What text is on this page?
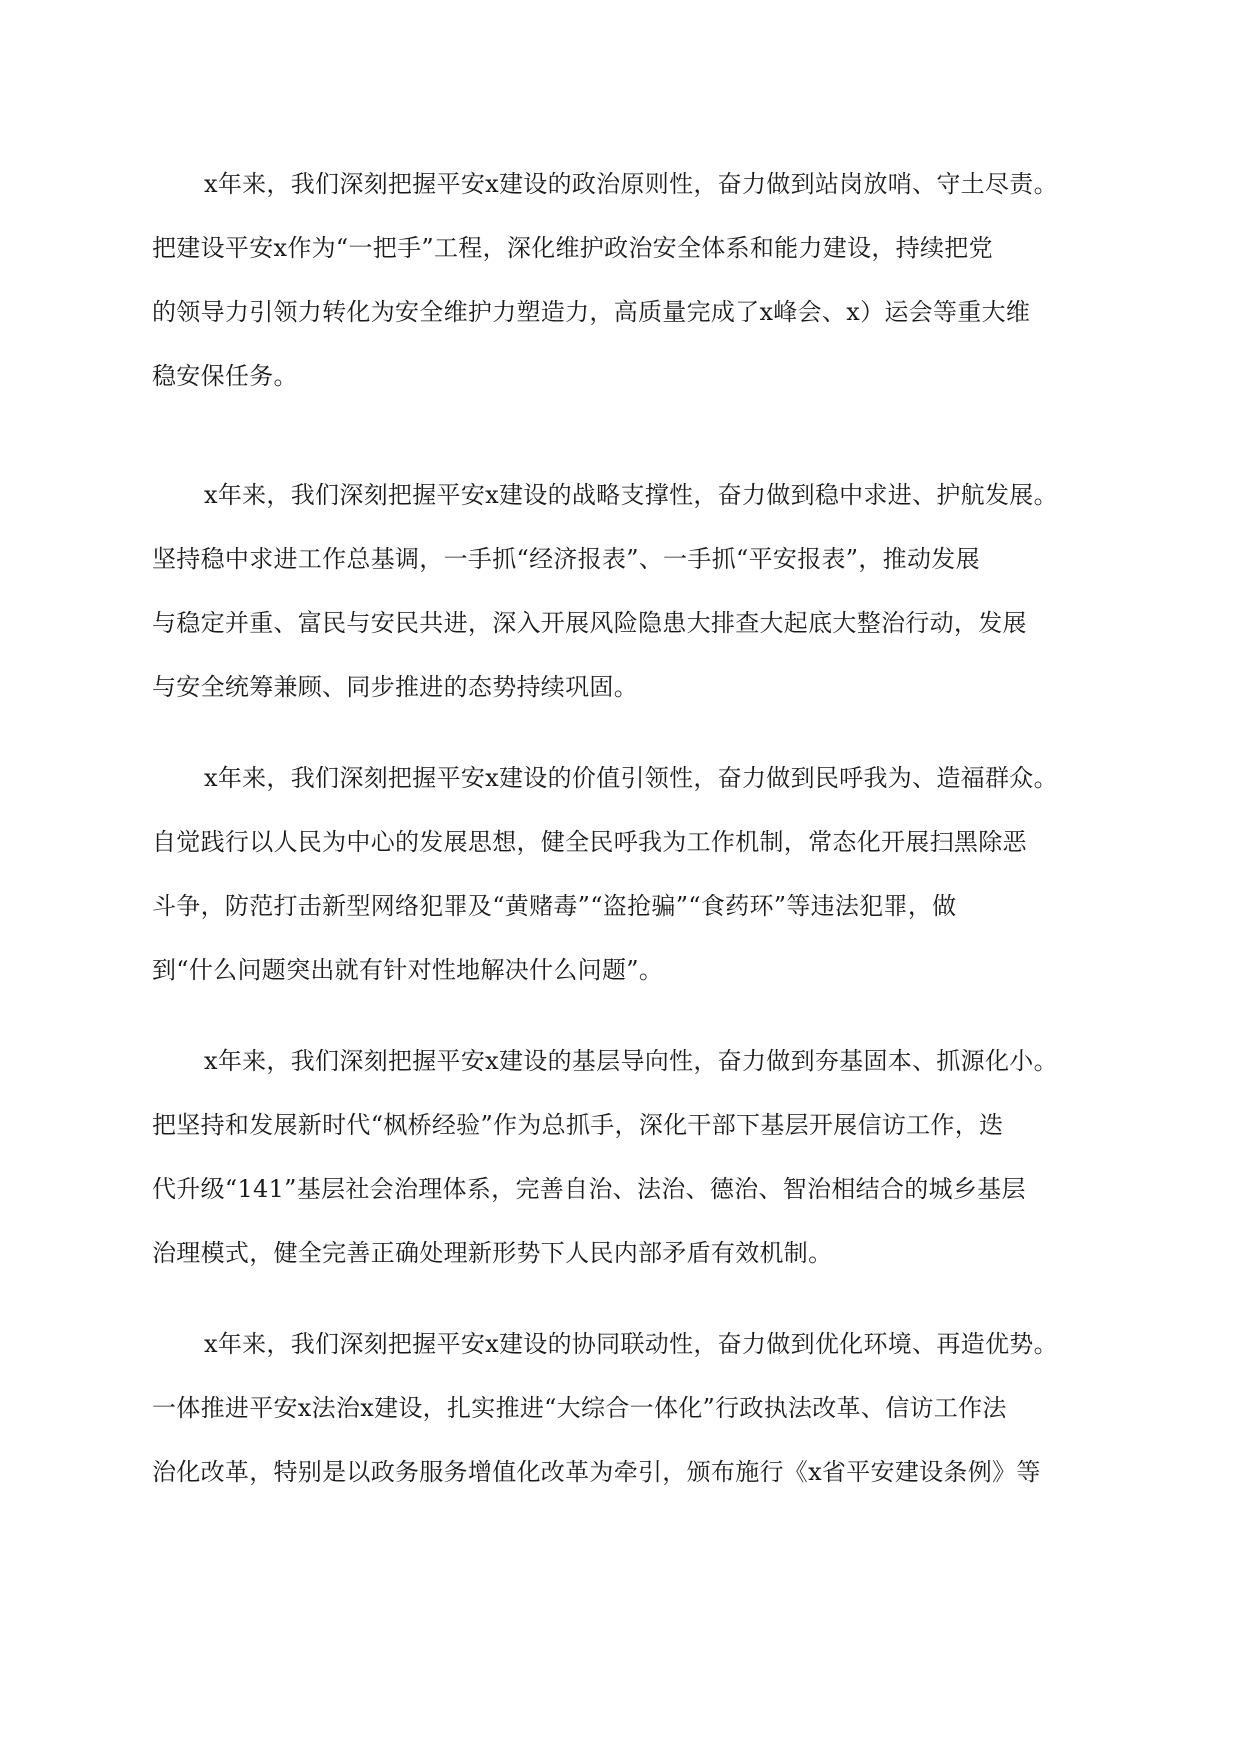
x年来，我们深刻把握平安x建设的政治原则性，奋力做到站岗放哨、守土尽责。
把建设平安x作为“一把手”工程，深化维护政治安全体系和能力建设，持续把党
的领导力引领力转化为安全维护力塑造力，高质量完成了x峰会、x）运会等重大维
稳安保任务。
x年来，我们深刻把握平安x建设的战略支撑性，奋力做到稳中求进、护航发展。
坚持稳中求进工作总基调，一手抓“经济报表”、一手抓“平安报表”，推动发展
与稳定并重、富民与安民共进，深入开展风险隐患大排查大起底大整治行动，发展
与安全统筹兼顾、同步推进的态势持续巩固。
x年来，我们深刻把握平安x建设的价值引领性，奋力做到民呼我为、造福群众。
自觉践行以人民为中心的发展思想，健全民呼我为工作机制，常态化开展扫黑除恶
斗争，防范打击新型网络犯罪及“黄赌毒”“盗抢骗”“食药环”等违法犯罪，做
到“什么问题突出就有针对性地解决什么问题”。
x年来，我们深刻把握平安x建设的基层导向性，奋力做到夯基固本、抓源化小。
把坚持和发展新时代“枫桥经验”作为总抓手，深化干部下基层开展信访工作，迭
代升级“141”基层社会治理体系，完善自治、法治、德治、智治相结合的城乡基层
治理模式，健全完善正确处理新形势下人民内部矛盾有效机制。
x年来，我们深刻把握平安x建设的协同联动性，奋力做到优化环境、再造优势。
一体推进平安x法治x建设，扎实推进“大综合一体化”行政执法改革、信访工作法
治化改革，特别是以政务服务增值化改革为牵引，颁布施行《x省平安建设条例》等
